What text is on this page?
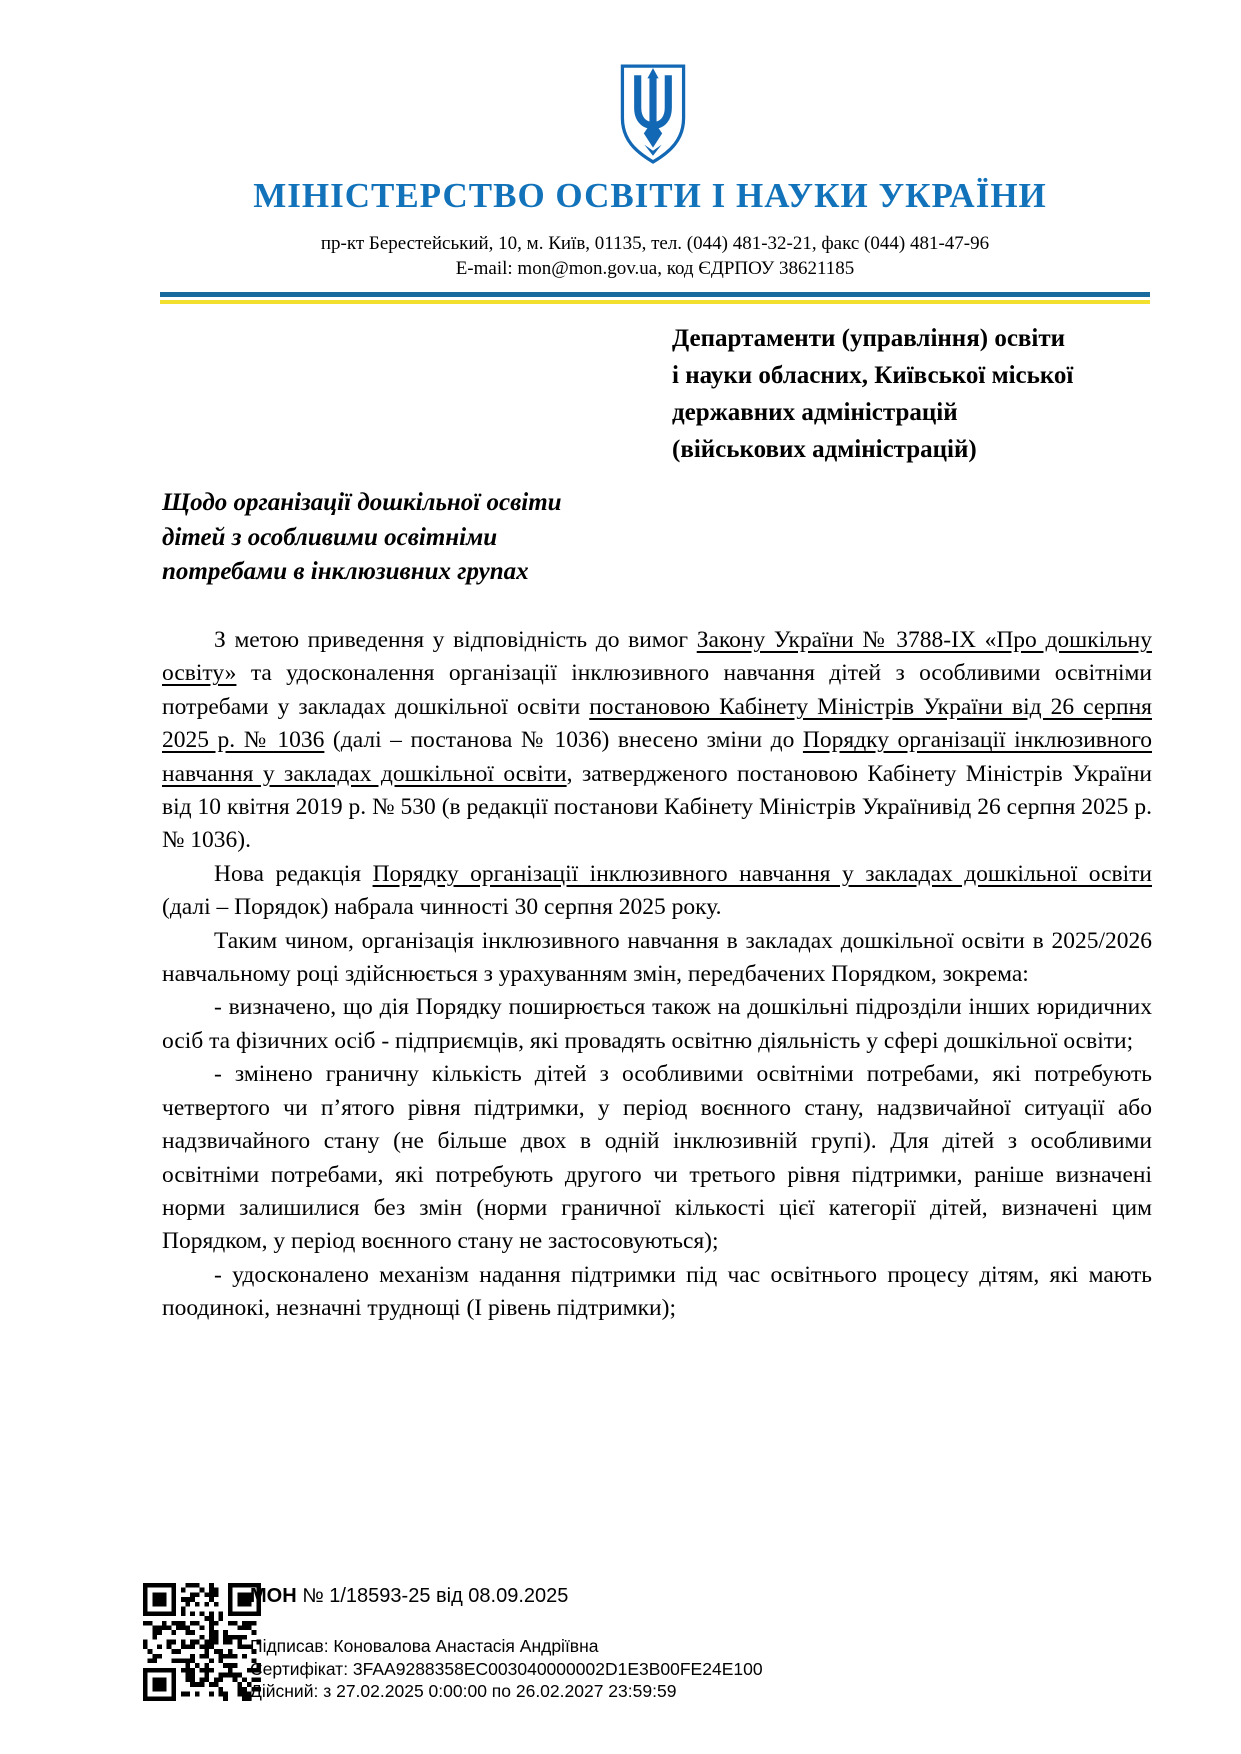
МІНІСТЕРСТВО ОСВІТИ І НАУКИ УКРАЇНИ
пр-кт Берестейський, 10, м. Київ, 01135, тел. (044) 481-32-21, факс (044) 481-47-96
E-mail: mon@mon.gov.ua, код ЄДРПОУ 38621185
Департаменти (управління) освіти
і науки обласних, Київської міської
державних адміністрацій
(військових адміністрацій)
Щодо організації дошкільної освіти
дітей з особливими освітніми
потребами в інклюзивних групах

З метою приведення у відповідність до вимог Закону України № 3788-IX «Про дошкільну освіту» та удосконалення організації інклюзивного навчання дітей з особливими освітніми потребами у закладах дошкільної освіти постановою Кабінету Міністрів України від 26 серпня 2025 р. № 1036 (далі – постанова № 1036) внесено зміни до Порядку організації інклюзивного навчання у закладах дошкільної освіти, затвердженого постановою Кабінету Міністрів України від 10 квітня 2019 р. № 530 (в редакції постанови Кабінету Міністрів Українивід 26 серпня 2025 р. № 1036).

Нова редакція Порядку організації інклюзивного навчання у закладах дошкільної освіти (далі – Порядок) набрала чинності 30 серпня 2025 року.

Таким чином, організація інклюзивного навчання в закладах дошкільної освіти в 2025/2026 навчальному році здійснюється з урахуванням змін, передбачених Порядком, зокрема:

- визначено, що дія Порядку поширюється також на дошкільні підрозділи інших юридичних осіб та фізичних осіб - підприємців, які провадять освітню діяльність у сфері дошкільної освіти;

- змінено граничну кількість дітей з особливими освітніми потребами, які потребують четвертого чи п’ятого рівня підтримки, у період воєнного стану, надзвичайної ситуації або надзвичайного стану (не більше двох в одній інклюзивній групі). Для дітей з особливими освітніми потребами, які потребують другого чи третього рівня підтримки, раніше визначені норми залишилися без змін (норми граничної кількості цієї категорії дітей, визначені цим Порядком, у період воєнного стану не застосовуються);

- удосконалено механізм надання підтримки під час освітнього процесу дітям, які мають поодинокі, незначні труднощі (І рівень підтримки);

МОН № 1/18593-25 від 08.09.2025
Підписав: Коновалова Анастасія Андріївна
Сертифікат: 3FAA9288358EC003040000002D1E3B00FE24E100
Дійсний: з 27.02.2025 0:00:00 по 26.02.2027 23:59:59
